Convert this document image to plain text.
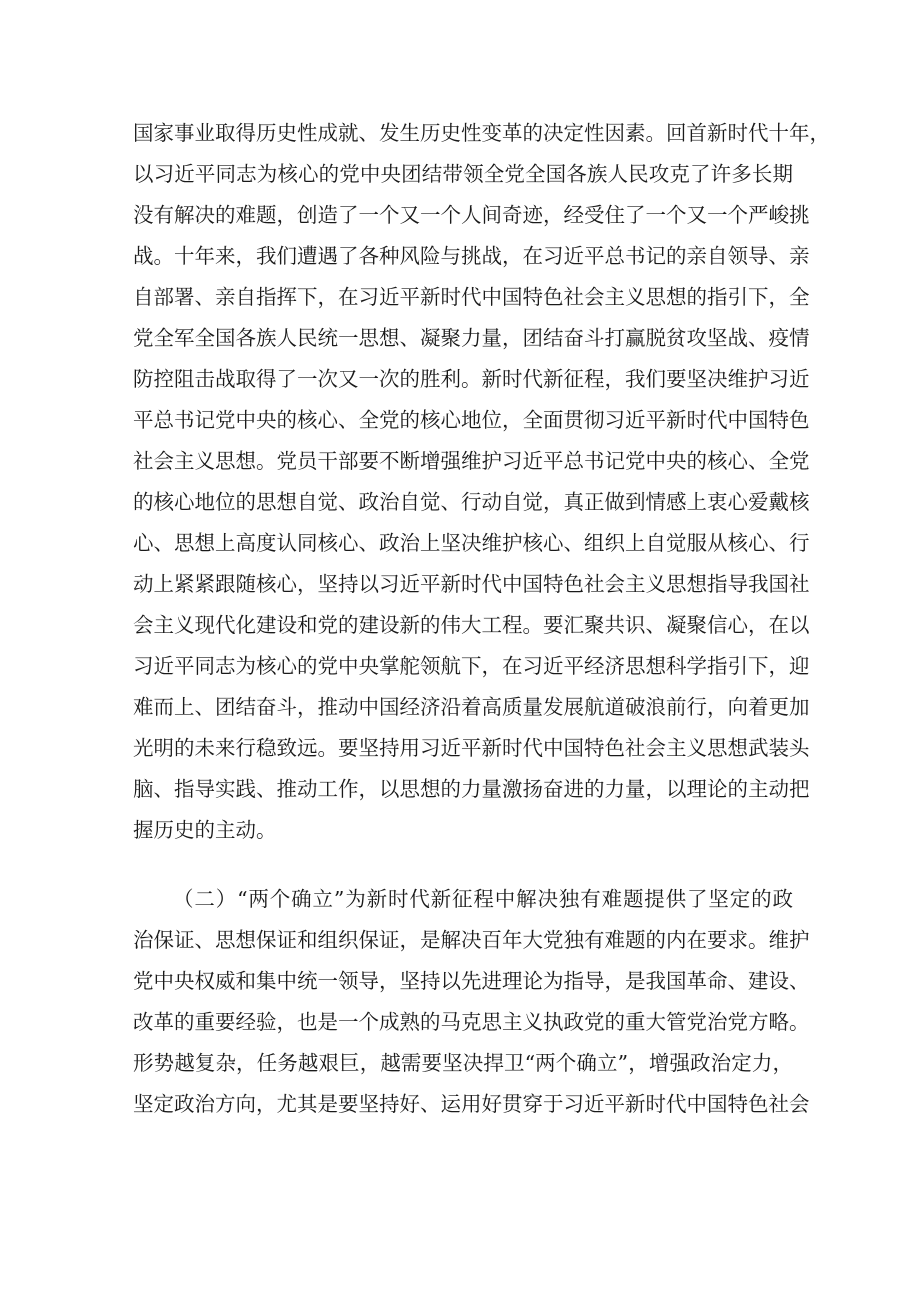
国家事业取得历史性成就、发生历史性变革的决定性因素。回首新时代十年，
以习近平同志为核心的党中央团结带领全党全国各族人民攻克了许多长期
没有解决的难题，创造了一个又一个人间奇迹，经受住了一个又一个严峻挑
战。十年来，我们遭遇了各种风险与挑战，在习近平总书记的亲自领导、亲
自部署、亲自指挥下，在习近平新时代中国特色社会主义思想的指引下，全
党全军全国各族人民统一思想、凝聚力量，团结奋斗打赢脱贫攻坚战、疫情
防控阻击战取得了一次又一次的胜利。新时代新征程，我们要坚决维护习近
平总书记党中央的核心、全党的核心地位，全面贯彻习近平新时代中国特色
社会主义思想。党员干部要不断增强维护习近平总书记党中央的核心、全党
的核心地位的思想自觉、政治自觉、行动自觉，真正做到情感上衷心爱戴核
心、思想上高度认同核心、政治上坚决维护核心、组织上自觉服从核心、行
动上紧紧跟随核心，坚持以习近平新时代中国特色社会主义思想指导我国社
会主义现代化建设和党的建设新的伟大工程。要汇聚共识、凝聚信心，在以
习近平同志为核心的党中央掌舵领航下，在习近平经济思想科学指引下，迎
难而上、团结奋斗，推动中国经济沿着高质量发展航道破浪前行，向着更加
光明的未来行稳致远。要坚持用习近平新时代中国特色社会主义思想武装头
脑、指导实践、推动工作，以思想的力量激扬奋进的力量，以理论的主动把
握历史的主动。
（二）“两个确立”为新时代新征程中解决独有难题提供了坚定的政
治保证、思想保证和组织保证，是解决百年大党独有难题的内在要求。维护
党中央权威和集中统一领导，坚持以先进理论为指导，是我国革命、建设、
改革的重要经验，也是一个成熟的马克思主义执政党的重大管党治党方略。
形势越复杂，任务越艰巨，越需要坚决捍卫“两个确立”，增强政治定力，
坚定政治方向，尤其是要坚持好、运用好贯穿于习近平新时代中国特色社会
